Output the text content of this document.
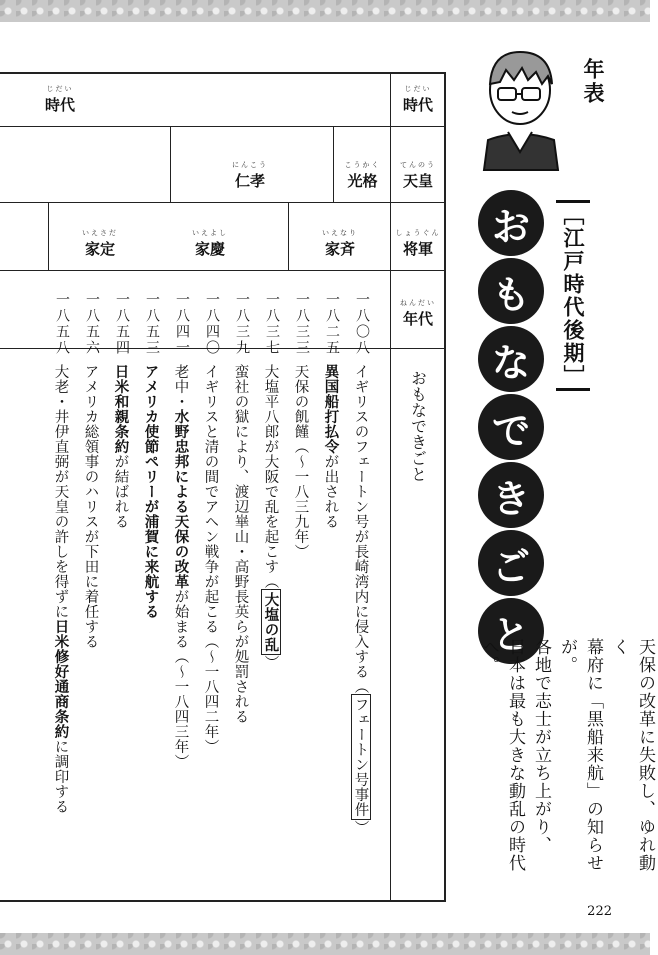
じだい
時代
てんのう
天皇
しょうぐん
将軍
ねんだい
年代
おもなできごと
じだい
時代
にんこう
仁孝
こうかく
光格
いえさだ
家定
いえよし
家慶
いえなり
家斉
一八〇八
一八二五
一八三三
一八三七
一八三九
一八四〇
一八四一
一八五三
一八五四
一八五六
一八五八
イギリスのフェートン号が長崎湾内に侵入する（フェートン号事件）
異国船打払令が出される
天保の飢饉（〜一八三九年）
大塩平八郎が大阪で乱を起こす（大塩の乱）
蛮社の獄により、渡辺崋山・高野長英らが処罰される
イギリスと清の間でアヘン戦争が起こる（〜一八四二年）
老中・水野忠邦による天保の改革が始まる（〜一八四三年）
アメリカ使節ペリーが浦賀に来航する
日米和親条約が結ばれる
アメリカ総領事のハリスが下田に着任する
大老・井伊直弼が天皇の許しを得ずに日米修好通商条約に調印する
年表
［江戸時代後期］
お
も
な
で
き
ご
と
天保の改革に失敗し、ゆれ動く
幕府に「黒船来航」の知らせが。
各地で志士が立ち上がり、
日本は最も大きな動乱の時代へ。
222
